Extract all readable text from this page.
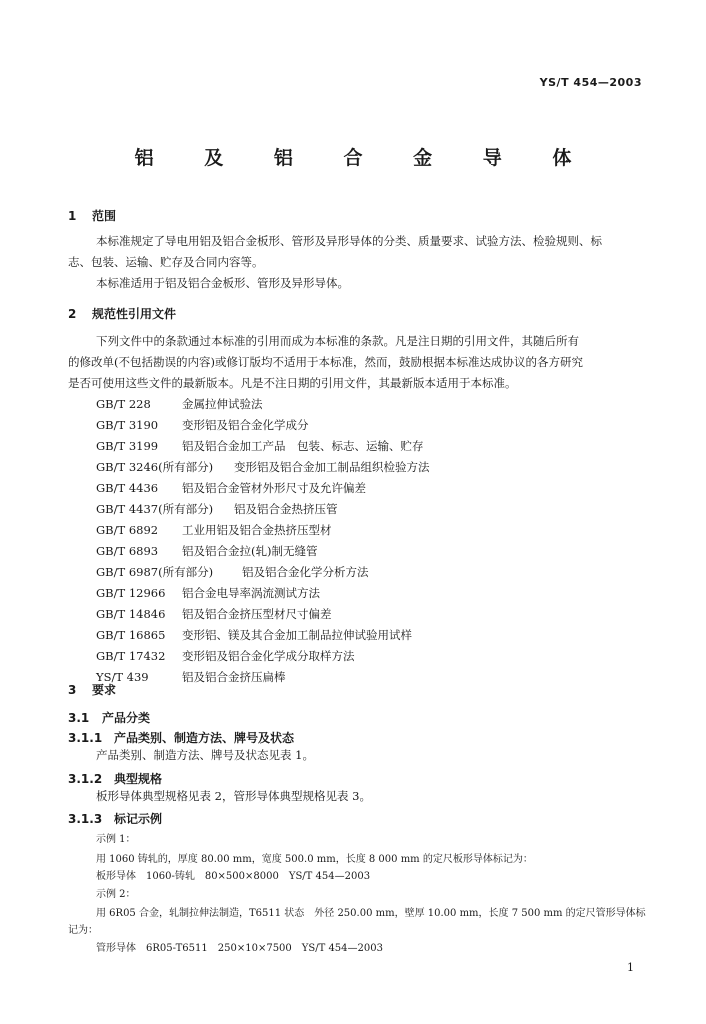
YS/T 454—2003
铝 及 铝 合 金 导 体
1 范围
本标准规定了导电用铝及铝合金板形、管形及异形导体的分类、质量要求、试验方法、检验规则、标
志、包装、运输、贮存及合同内容等。
本标准适用于铝及铝合金板形、管形及异形导体。
2 规范性引用文件
下列文件中的条款通过本标准的引用而成为本标准的条款。凡是注日期的引用文件，其随后所有
的修改单(不包括勘误的内容)或修订版均不适用于本标准，然而，鼓励根据本标准达成协议的各方研究
是否可使用这些文件的最新版本。凡是不注日期的引用文件，其最新版本适用于本标准。
GB/T 228	金属拉伸试验法
GB/T 3190 变形铝及铝合金化学成分
GB/T 3199 铝及铝合金加工产品　包装、标志、运输、贮存
GB/T 3246(所有部分) 变形铝及铝合金加工制品组织检验方法
GB/T 4436 铝及铝合金管材外形尺寸及允许偏差
GB/T 4437(所有部分) 铝及铝合金热挤压管
GB/T 6892 工业用铝及铝合金热挤压型材
GB/T 6893 铝及铝合金拉(轧)制无缝管
GB/T 6987(所有部分)	铝及铝合金化学分析方法
GB/T 12966 铝合金电导率涡流测试方法
GB/T 14846 铝及铝合金挤压型材尺寸偏差
GB/T 16865 变形铝、镁及其合金加工制品拉伸试验用试样
GB/T 17432 变形铝及铝合金化学成分取样方法
YS/T 439	铝及铝合金挤压扁棒
3 要求
3.1 产品分类
3.1.1 产品类别、制造方法、牌号及状态
产品类别、制造方法、牌号及状态见表 1。
3.1.2 典型规格
板形导体典型规格见表 2，管形导体典型规格见表 3。
3.1.3 标记示例
示例 1：
用 1060 铸轧的，厚度 80.00 mm，宽度 500.0 mm，长度 8 000 mm 的定尺板形导体标记为：
板形导体　1060-铸轧　80×500×8000　YS/T 454—2003
示例 2：
用 6R05 合金，轧制拉伸法制造，T6511 状态　外径 250.00 mm，壁厚 10.00 mm，长度 7 500 mm 的定尺管形导体标
记为：
管形导体　6R05-T6511　250×10×7500　YS/T 454—2003
1
